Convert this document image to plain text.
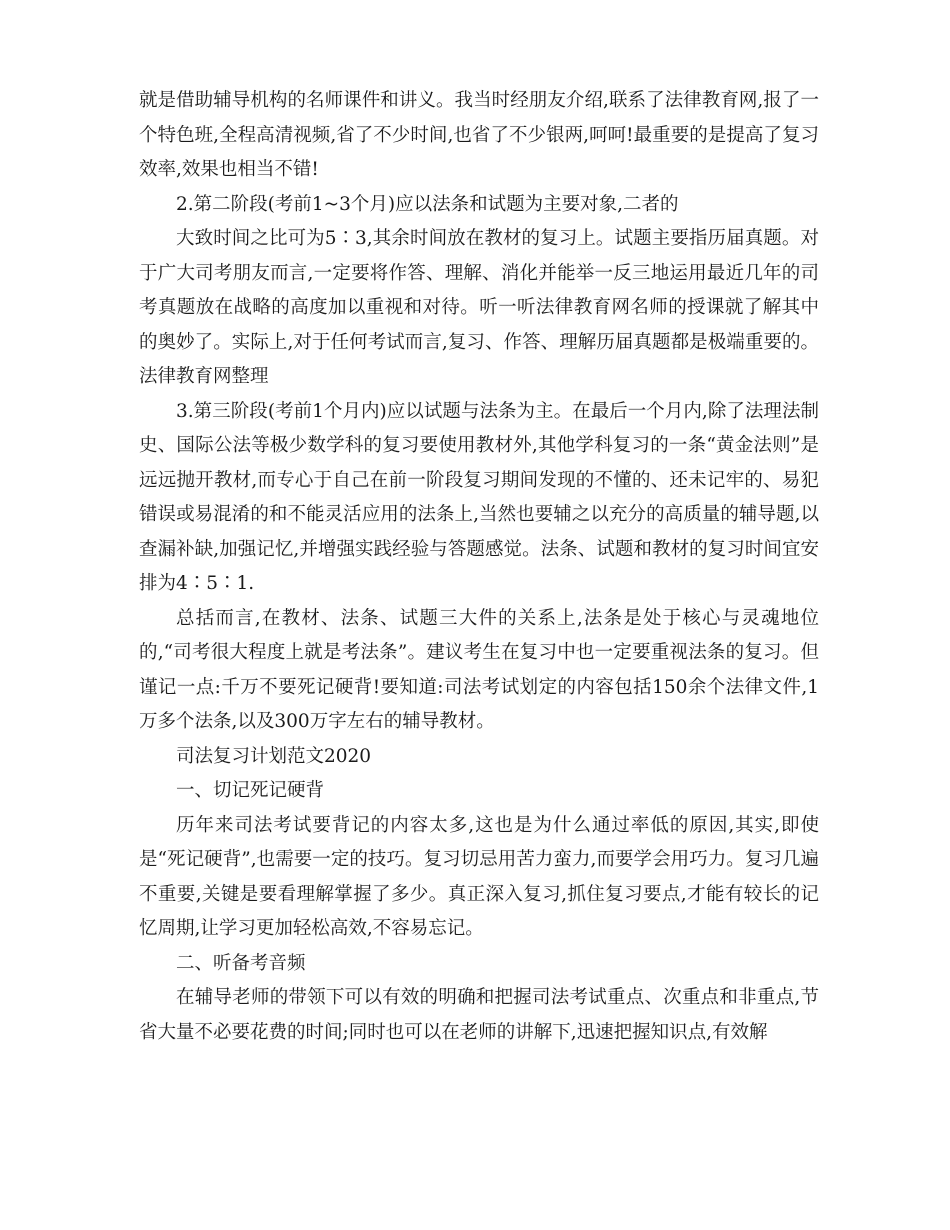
就是借助辅导机构的名师课件和讲义。我当时经朋友介绍,联系了法律教育网,报了一个特色班,全程高清视频,省了不少时间,也省了不少银两,呵呵!最重要的是提高了复习效率,效果也相当不错!

2.第二阶段(考前1~3个月)应以法条和试题为主要对象,二者的

大致时间之比可为5∶3,其余时间放在教材的复习上。试题主要指历届真题。对于广大司考朋友而言,一定要将作答、理解、消化并能举一反三地运用最近几年的司考真题放在战略的高度加以重视和对待。听一听法律教育网名师的授课就了解其中的奥妙了。实际上,对于任何考试而言,复习、作答、理解历届真题都是极端重要的。法律教育网整理

3.第三阶段(考前1个月内)应以试题与法条为主。在最后一个月内,除了法理法制史、国际公法等极少数学科的复习要使用教材外,其他学科复习的一条“黄金法则”是远远抛开教材,而专心于自己在前一阶段复习期间发现的不懂的、还未记牢的、易犯错误或易混淆的和不能灵活应用的法条上,当然也要辅之以充分的高质量的辅导题,以查漏补缺,加强记忆,并增强实践经验与答题感觉。法条、试题和教材的复习时间宜安排为4∶5∶1.

总括而言,在教材、法条、试题三大件的关系上,法条是处于核心与灵魂地位的,“司考很大程度上就是考法条”。建议考生在复习中也一定要重视法条的复习。但谨记一点:千万不要死记硬背!要知道:司法考试划定的内容包括150余个法律文件,1万多个法条,以及300万字左右的辅导教材。

司法复习计划范文2020

一、切记死记硬背

历年来司法考试要背记的内容太多,这也是为什么通过率低的原因,其实,即使是“死记硬背”,也需要一定的技巧。复习切忌用苦力蛮力,而要学会用巧力。复习几遍不重要,关键是要看理解掌握了多少。真正深入复习,抓住复习要点,才能有较长的记忆周期,让学习更加轻松高效,不容易忘记。

二、听备考音频

在辅导老师的带领下可以有效的明确和把握司法考试重点、次重点和非重点,节省大量不必要花费的时间;同时也可以在老师的讲解下,迅速把握知识点,有效解
